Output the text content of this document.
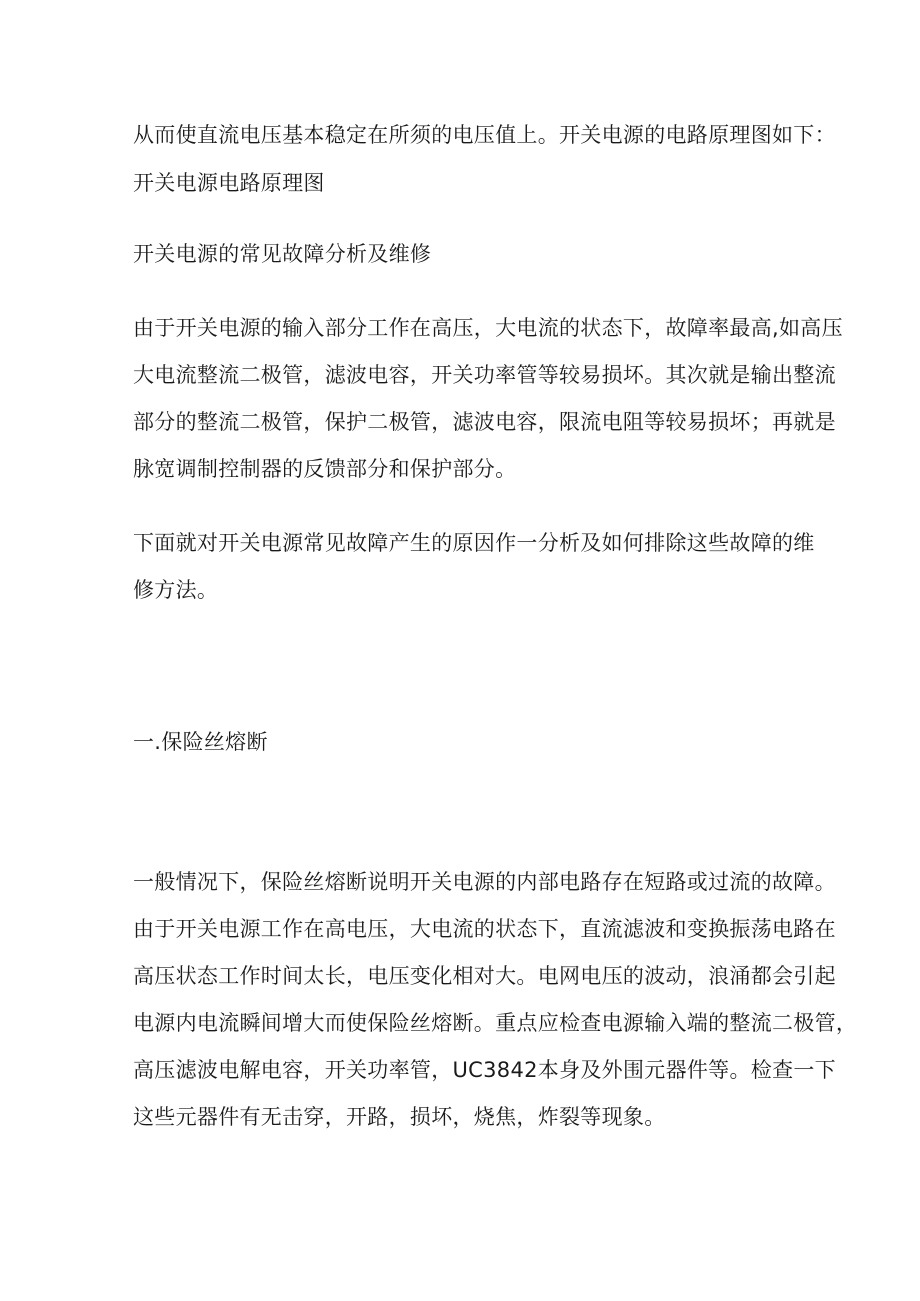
从而使直流电压基本稳定在所须的电压值上。开关电源的电路原理图如下：
开关电源电路原理图
开关电源的常见故障分析及维修
由于开关电源的输入部分工作在高压，大电流的状态下，故障率最高,如高压
大电流整流二极管，滤波电容，开关功率管等较易损坏。其次就是输出整流
部分的整流二极管，保护二极管，滤波电容，限流电阻等较易损坏；再就是
脉宽调制控制器的反馈部分和保护部分。
下面就对开关电源常见故障产生的原因作一分析及如何排除这些故障的维
修方法。
一.保险丝熔断
一般情况下，保险丝熔断说明开关电源的内部电路存在短路或过流的故障。
由于开关电源工作在高电压，大电流的状态下，直流滤波和变换振荡电路在
高压状态工作时间太长，电压变化相对大。电网电压的波动，浪涌都会引起
电源内电流瞬间增大而使保险丝熔断。重点应检查电源输入端的整流二极管，
高压滤波电解电容，开关功率管，UC3842本身及外围元器件等。检查一下
这些元器件有无击穿，开路，损坏，烧焦，炸裂等现象。
